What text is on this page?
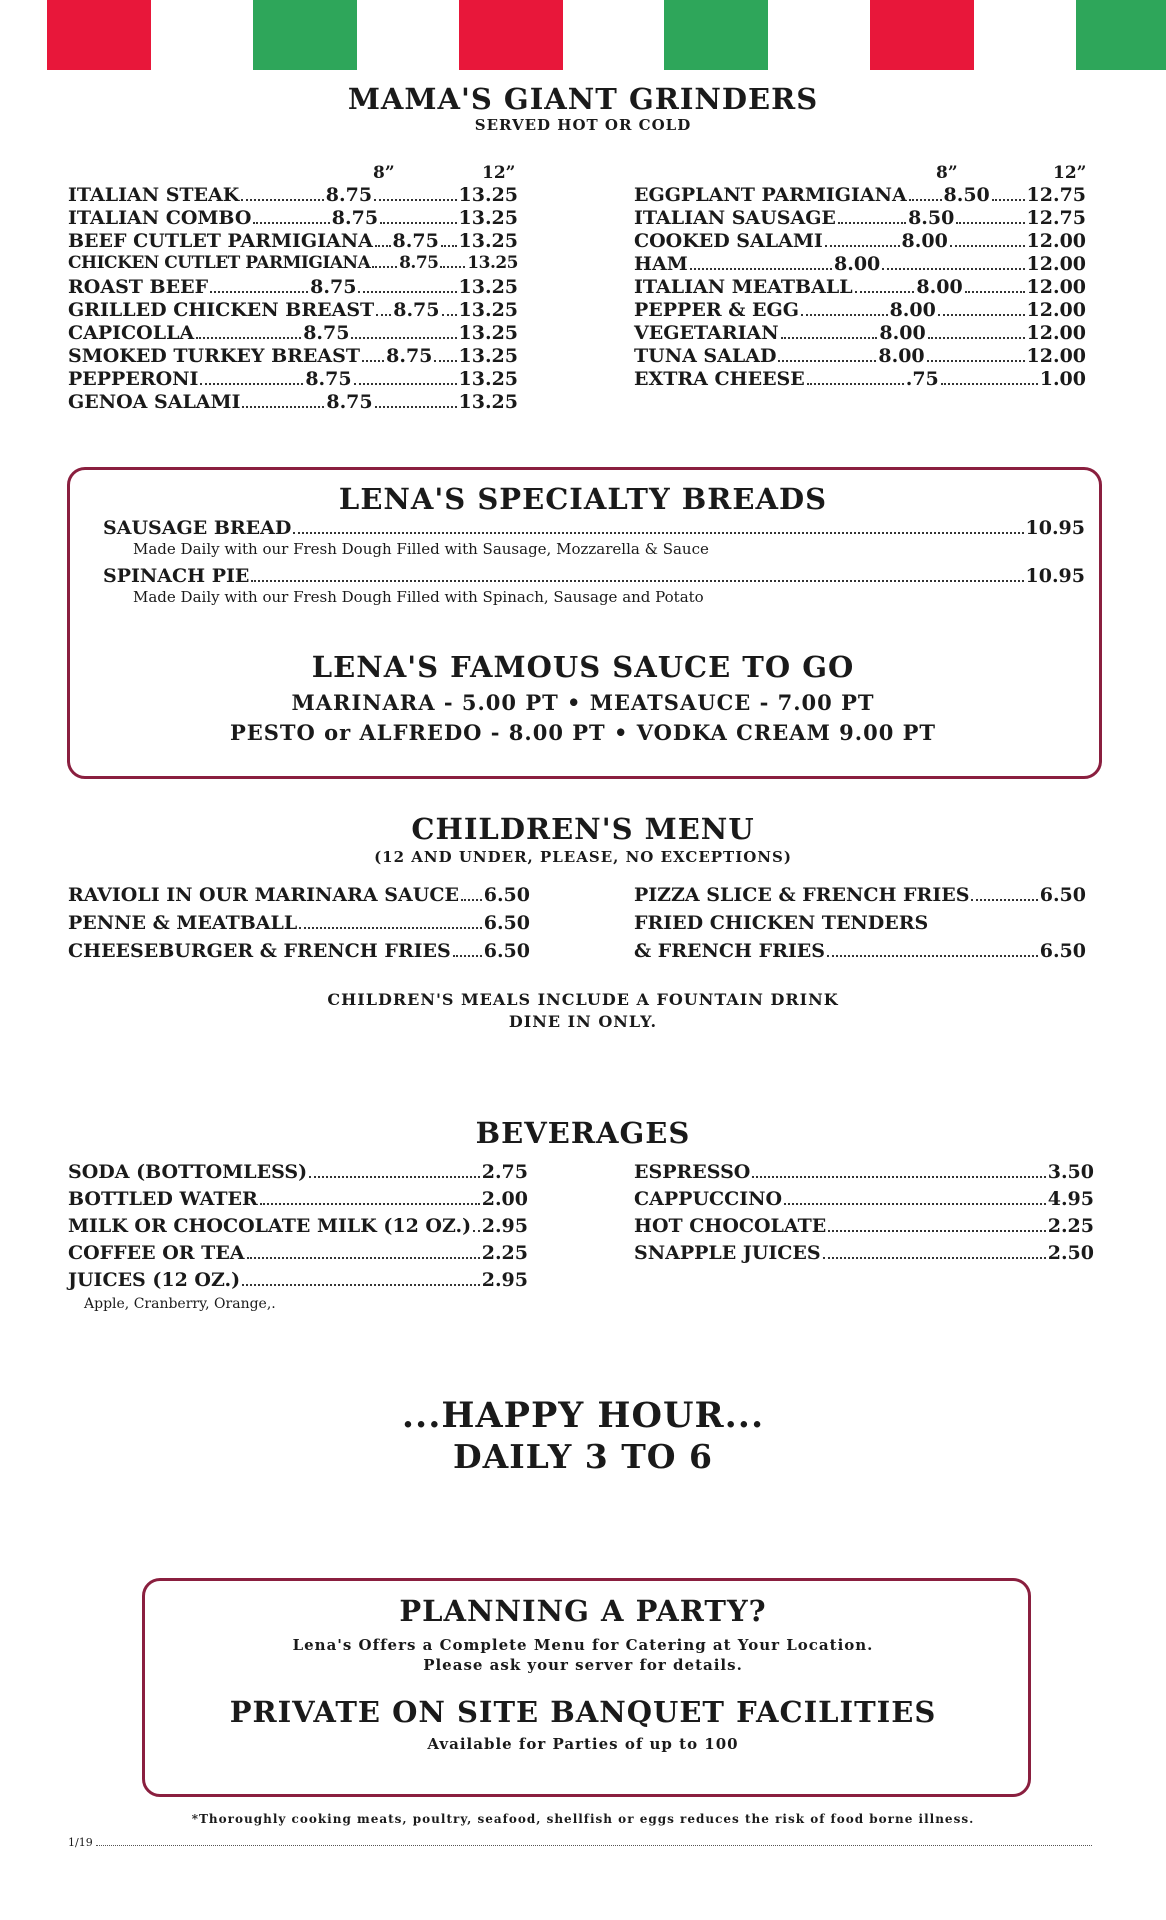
MAMA'S GIANT GRINDERS
SERVED HOT OR COLD
8”	12”	8”	12”
ITALIAN STEAK	8.75	13.25
ITALIAN COMBO	8.75	13.25
BEEF CUTLET PARMIGIANA 8.75 13.25
CHICKEN CUTLET PARMIGIANA 8.75 13.25
ROAST BEEF	8.75	13.25
GRILLED CHICKEN BREAST 8.75 13.25
CAPICOLLA	8.75	13.25
SMOKED TURKEY BREAST 8.75 13.25
PEPPERONI	8.75	13.25
GENOA SALAMI	8.75	13.25
EGGPLANT PARMIGIANA 8.50 12.75
ITALIAN SAUSAGE	8.50	12.75
COOKED SALAMI	8.00	12.00
HAM	8.00	12.00
ITALIAN MEATBALL	8.00	12.00
PEPPER & EGG	8.00	12.00
VEGETARIAN	8.00	12.00
TUNA SALAD	8.00	12.00
EXTRA CHEESE	.75	1.00
LENA'S SPECIALTY BREADS
SAUSAGE BREAD	10.95
Made Daily with our Fresh Dough Filled with Sausage, Mozzarella & Sauce
SPINACH PIE	10.95
Made Daily with our Fresh Dough Filled with Spinach, Sausage and Potato
LENA'S FAMOUS SAUCE TO GO
MARINARA - 5.00 PT • MEATSAUCE - 7.00 PT
PESTO or ALFREDO - 8.00 PT • VODKA CREAM 9.00 PT
CHILDREN'S MENU
(12 AND UNDER, PLEASE, NO EXCEPTIONS)
RAVIOLI IN OUR MARINARA SAUCE 6.50
PENNE & MEATBALL	6.50
CHEESEBURGER & FRENCH FRIES 6.50
PIZZA SLICE & FRENCH FRIES	6.50
FRIED CHICKEN TENDERS
& FRENCH FRIES	6.50
CHILDREN'S MEALS INCLUDE A FOUNTAIN DRINK
DINE IN ONLY.
BEVERAGES
SODA (BOTTOMLESS)	2.75
BOTTLED WATER	2.00
MILK OR CHOCOLATE MILK (12 OZ.) 2.95
COFFEE OR TEA	2.25
JUICES (12 OZ.)	2.95
Apple, Cranberry, Orange,.
ESPRESSO	3.50
CAPPUCCINO	4.95
HOT CHOCOLATE	2.25
SNAPPLE JUICES	2.50
...HAPPY HOUR...
DAILY 3 TO 6
PLANNING A PARTY?
Lena's Offers a Complete Menu for Catering at Your Location.
Please ask your server for details.
PRIVATE ON SITE BANQUET FACILITIES
Available for Parties of up to 100
*Thoroughly cooking meats, poultry, seafood, shellfish or eggs reduces the risk of food borne illness.
1/19
